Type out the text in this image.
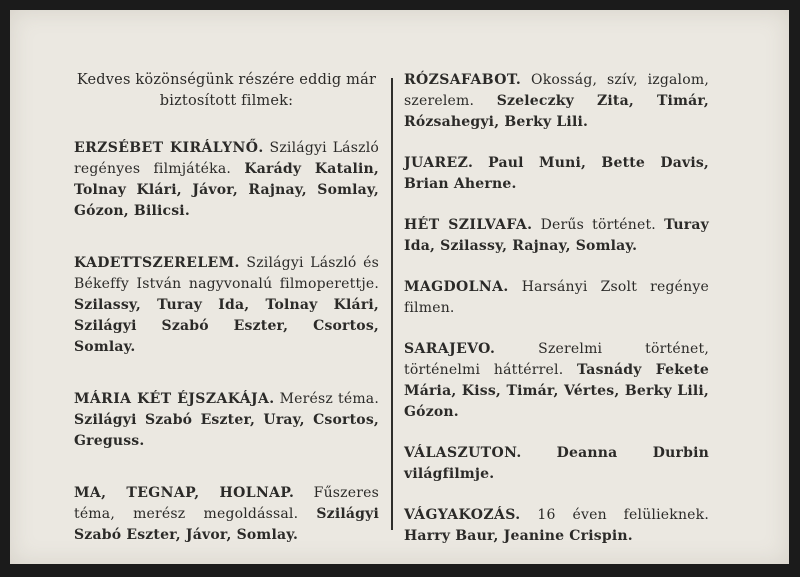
Kedves közönségünk részére eddig már biztosított filmek:

ERZSÉBET KIRÁLYNŐ. Szilágyi László regényes filmjátéka. Karády Katalin, Tolnay Klári, Jávor, Rajnay, Somlay, Gózon, Bilicsi.

KADETTSZERELEM. Szilágyi László és Békeffy István nagyvonalú filmoperettje. Szilassy, Turay Ida, Tolnay Klári, Szilágyi Szabó Eszter, Csortos, Somlay.

MÁRIA KÉT ÉJSZAKÁJA. Merész téma. Szilágyi Szabó Eszter, Uray, Csortos, Greguss.

MA, TEGNAP, HOLNAP. Fűszeres téma, merész megoldással. Szilágyi Szabó Eszter, Jávor, Somlay.

RÓZSAFABOT. Okosság, szív, izgalom, szerelem. Szeleczky Zita, Timár, Rózsahegyi, Berky Lili.

JUAREZ. Paul Muni, Bette Davis, Brian Aherne.

HÉT SZILVAFA. Derűs történet. Turay Ida, Szilassy, Rajnay, Somlay.

MAGDOLNA. Harsányi Zsolt regénye filmen.

SARAJEVO.	Szerelmi történet, történelmi háttérrel. Tasnády Fekete Mária, Kiss, Timár, Vértes, Berky Lili, Gózon.

VÁLASZUTON. Deanna Durbin világfilmje.

VÁGYAKOZÁS. 16 éven felülieknek. Harry Baur, Jeanine Crispin.
